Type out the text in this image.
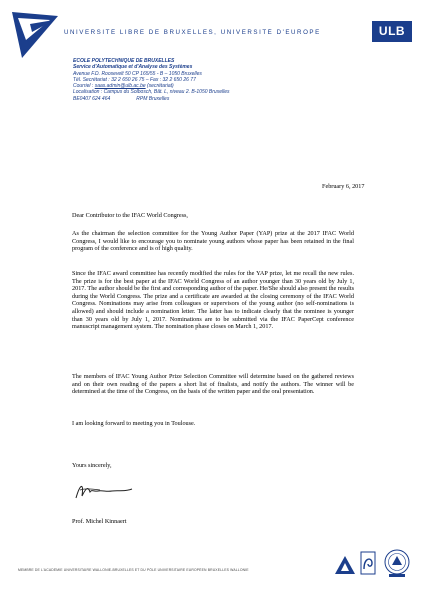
UNIVERSITÉ LIBRE DE BRUXELLES, UNIVERSITÉ D'EUROPE	ULB
ECOLE POLYTECHNIQUE DE BRUXELLES
Service d'Automatique et d'Analyse des Systèmes
Avenue F.D. Roosevelt 50 CP 165/55 - B – 1050 Bruxelles
Tél. Secrétariat : 32 2 650 26 75 – Fax : 32 2 650 26 77
Courriel : saas.admin@ulb.ac.be (secrétariat)
Localisation : Campus du Solbosch, Bât. L, niveau 2. B-1050 Bruxelles
BE0407 624 464	RPM Bruxelles
February 6, 2017
Dear Contributor to the IFAC World Congress,
As the chairman the selection committee for the Young Author Paper (YAP) prize at the 2017 IFAC World Congress, I would like to encourage you to nominate young authors whose paper has been retained in the final program of the conference and is of high quality.
Since the IFAC award committee has recently modified the rules for the YAP prize, let me recall the new rules. The prize is for the best paper at the IFAC World Congress of an author younger than 30 years old by July 1, 2017. The author should be the first and corresponding author of the paper. He/She should also present the results during the World Congress. The prize and a certificate are awarded at the closing ceremony of the IFAC World Congress. Nominations may arise from colleagues or supervisors of the young author (no self-nominations is allowed) and should include a nomination letter. The latter has to indicate clearly that the nominee is younger than 30 years old by July 1, 2017. Nominations are to be submitted via the IFAC PaperCept conference manuscript management system. The nomination phase closes on March 1, 2017.
The members of IFAC Young Author Prize Selection Committee will determine based on the gathered reviews and on their own reading of the papers a short list of finalists, and notify the authors. The winner will be determined at the time of the Congress, on the basis of the written paper and the oral presentation.
I am looking forward to meeting you in Toulouse.
Yours sincerely,
Prof. Michel Kinnaert
MEMBRE DE L'ACADÉMIE UNIVERSITAIRE WALLONIE-BRUXELLES ET DU PÔLE UNIVERSITAIRE EUROPÉEN BRUXELLES WALLONIE
